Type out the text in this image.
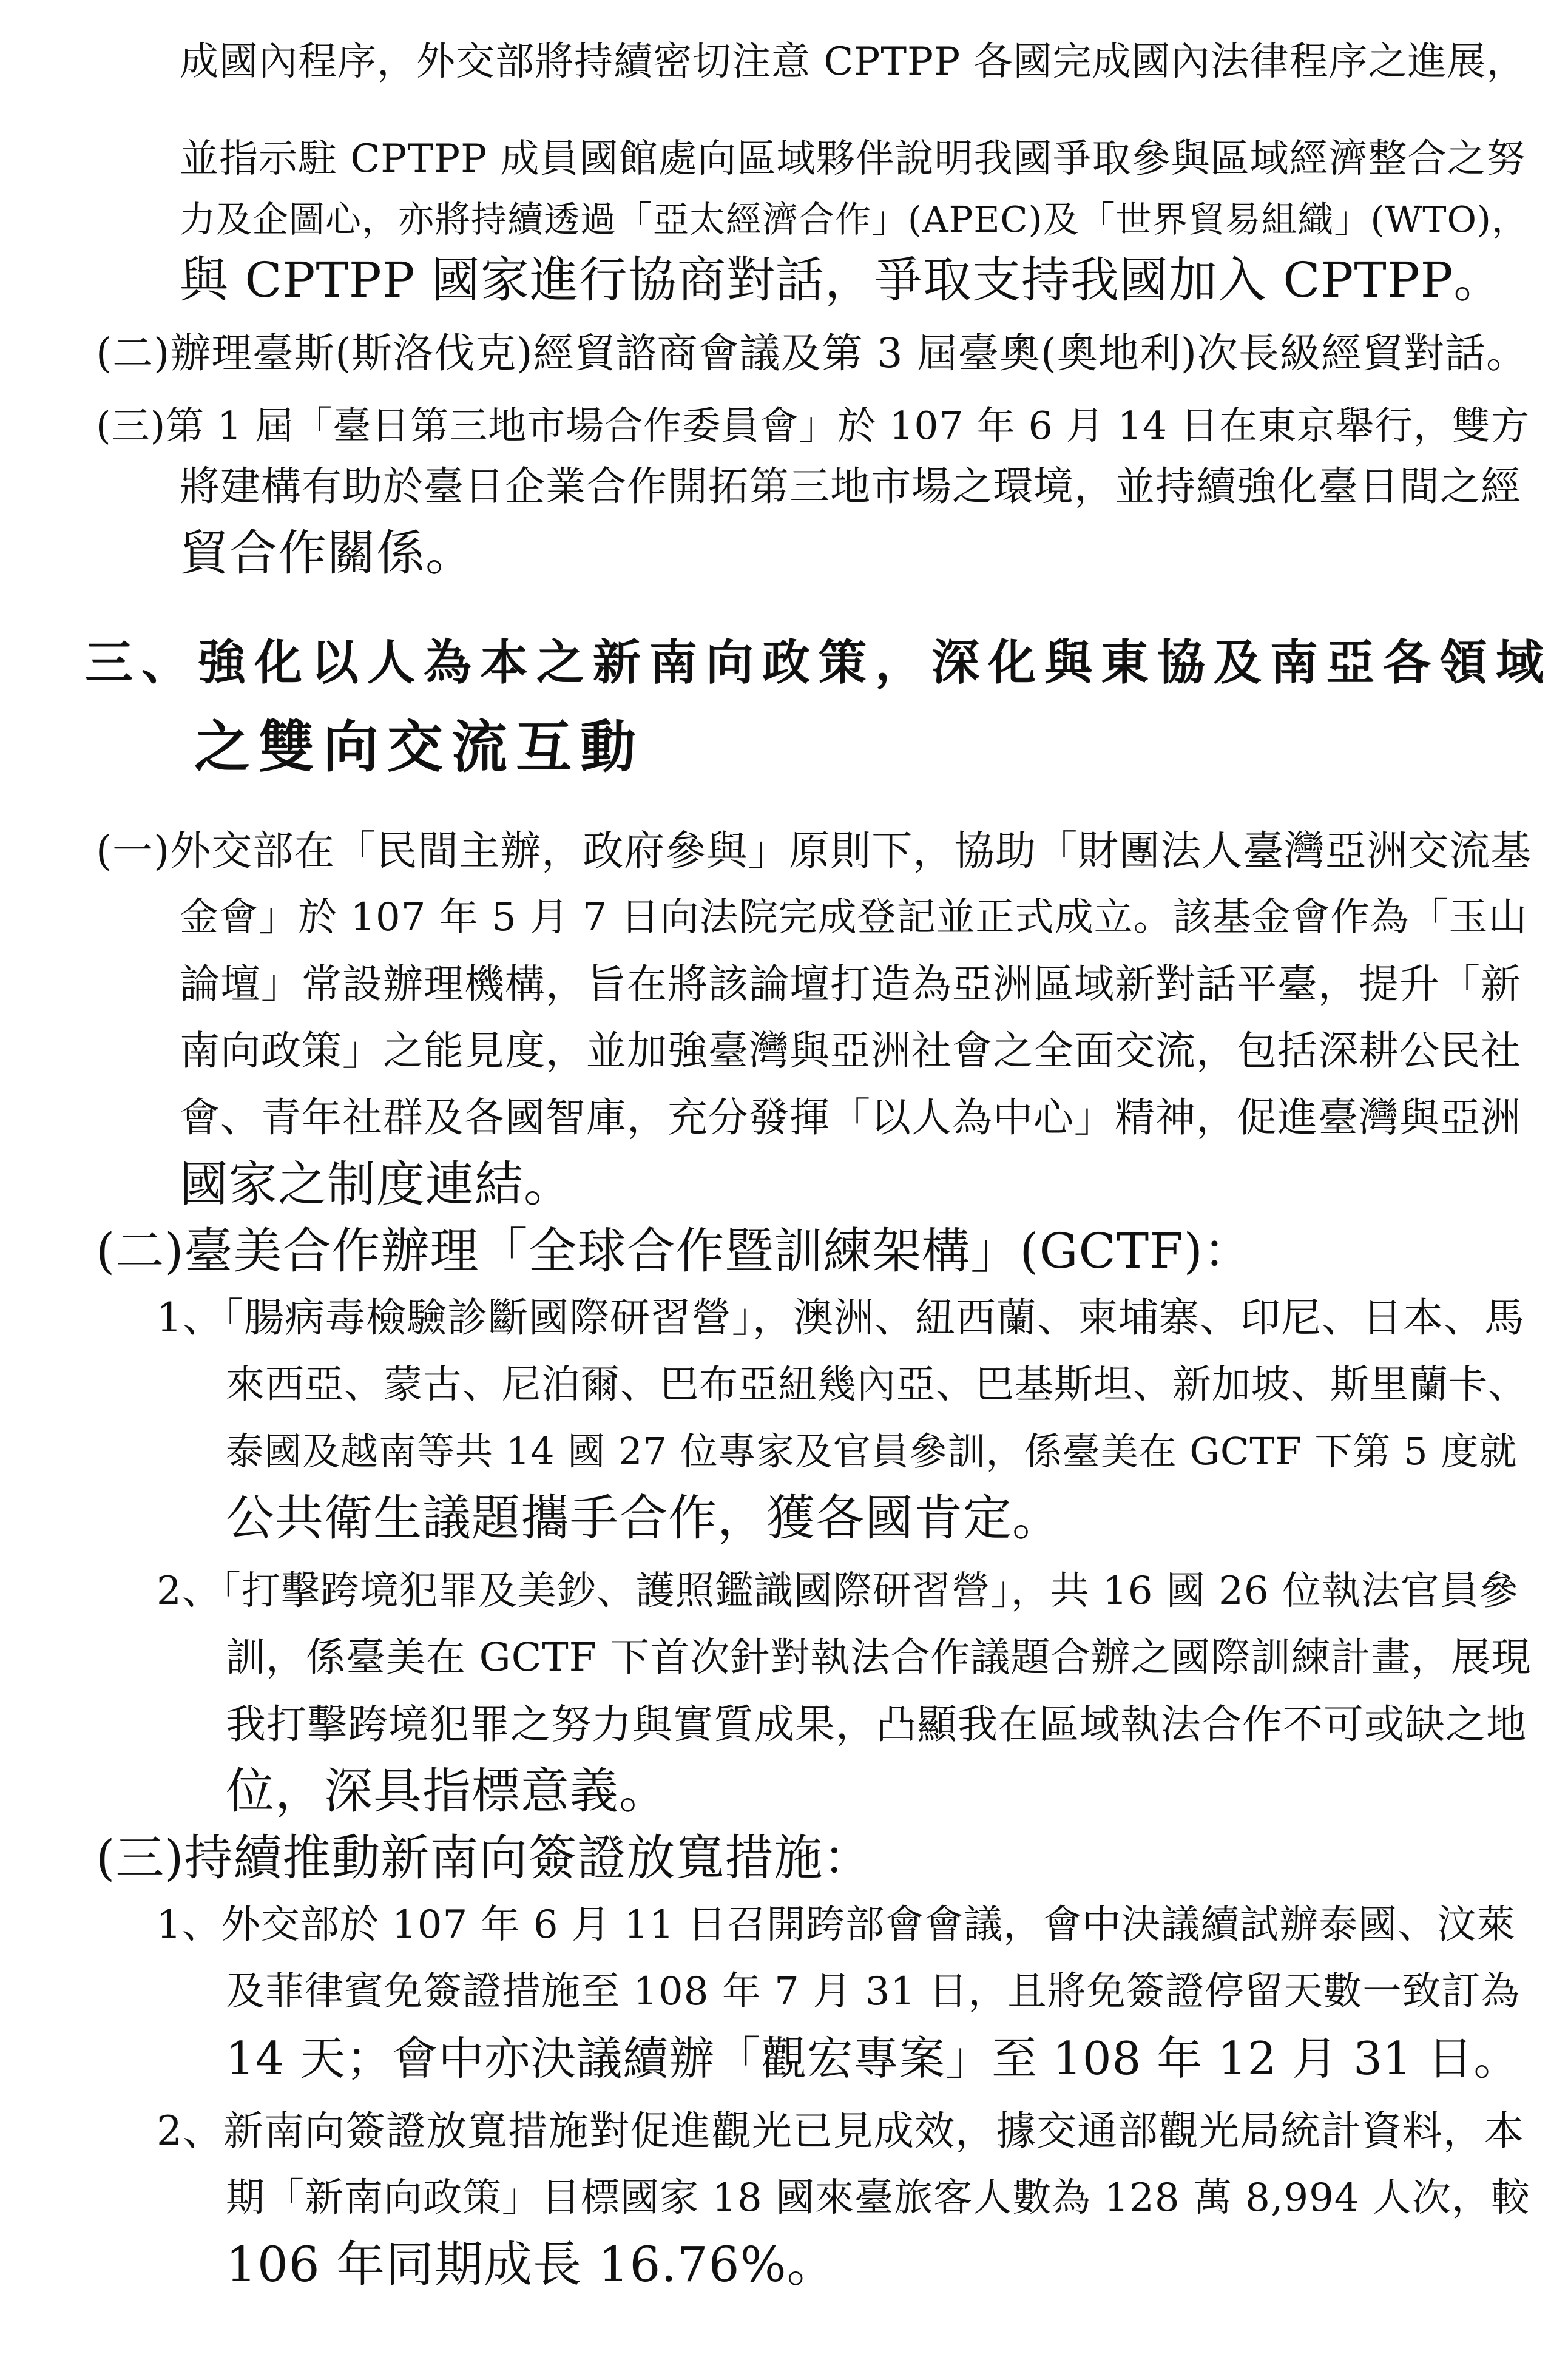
成國內程序，外交部將持續密切注意 CPTPP 各國完成國內法律程序之進展，
並指示駐 CPTPP 成員國館處向區域夥伴說明我國爭取參與區域經濟整合之努
力及企圖心，亦將持續透過「亞太經濟合作」(APEC)及「世界貿易組織」(WTO)，
與 CPTPP 國家進行協商對話，爭取支持我國加入 CPTPP。
(二)辦理臺斯(斯洛伐克)經貿諮商會議及第 3 屆臺奧(奧地利)次長級經貿對話。
(三)第 1 屆「臺日第三地市場合作委員會」於 107 年 6 月 14 日在東京舉行，雙方
將建構有助於臺日企業合作開拓第三地市場之環境，並持續強化臺日間之經
貿合作關係。
三、強化以人為本之新南向政策，深化與東協及南亞各領域
之雙向交流互動
(一)外交部在「民間主辦，政府參與」原則下，協助「財團法人臺灣亞洲交流基
金會」於 107 年 5 月 7 日向法院完成登記並正式成立。該基金會作為「玉山
論壇」常設辦理機構，旨在將該論壇打造為亞洲區域新對話平臺，提升「新
南向政策」之能見度，並加強臺灣與亞洲社會之全面交流，包括深耕公民社
會、青年社群及各國智庫，充分發揮「以人為中心」精神，促進臺灣與亞洲
國家之制度連結。
(二)臺美合作辦理「全球合作暨訓練架構」(GCTF)：
1、「腸病毒檢驗診斷國際研習營」，澳洲、紐西蘭、柬埔寨、印尼、日本、馬
來西亞、蒙古、尼泊爾、巴布亞紐幾內亞、巴基斯坦、新加坡、斯里蘭卡、
泰國及越南等共 14 國 27 位專家及官員參訓，係臺美在 GCTF 下第 5 度就
公共衛生議題攜手合作，獲各國肯定。
2、「打擊跨境犯罪及美鈔、護照鑑識國際研習營」，共 16 國 26 位執法官員參
訓，係臺美在 GCTF 下首次針對執法合作議題合辦之國際訓練計畫，展現
我打擊跨境犯罪之努力與實質成果，凸顯我在區域執法合作不可或缺之地
位，深具指標意義。
(三)持續推動新南向簽證放寬措施：
1、外交部於 107 年 6 月 11 日召開跨部會會議，會中決議續試辦泰國、汶萊
及菲律賓免簽證措施至 108 年 7 月 31 日，且將免簽證停留天數一致訂為
14 天；會中亦決議續辦「觀宏專案」至 108 年 12 月 31 日。
2、新南向簽證放寬措施對促進觀光已見成效，據交通部觀光局統計資料，本
期「新南向政策」目標國家 18 國來臺旅客人數為 128 萬 8,994 人次，較
106 年同期成長 16.76%。
